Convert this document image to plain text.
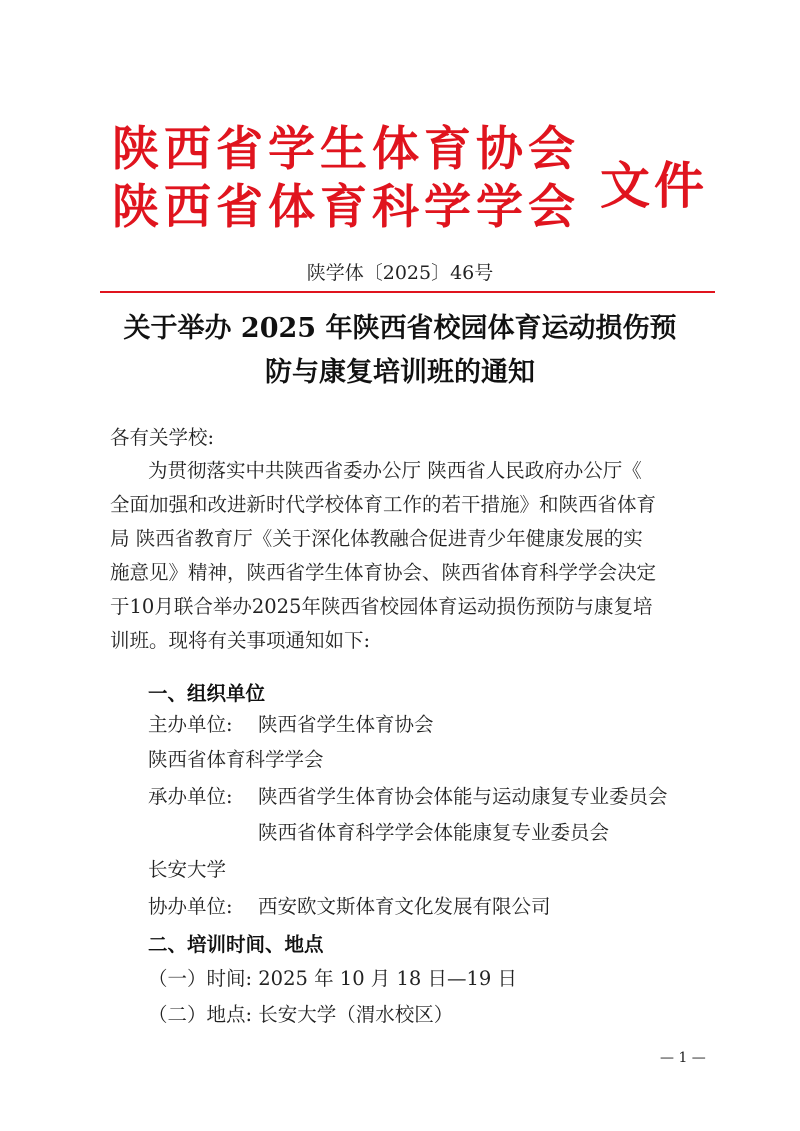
陕西省学生体育协会
陕西省体育科学学会 文件
陕学体〔2025〕46号
关于举办 2025 年陕西省校园体育运动损伤预
防与康复培训班的通知
各有关学校:
为贯彻落实中共陕西省委办公厅 陕西省人民政府办公厅《
全面加强和改进新时代学校体育工作的若干措施》和陕西省体育
局 陕西省教育厅《关于深化体教融合促进青少年健康发展的实
施意见》精神，陕西省学生体育协会、陕西省体育科学学会决定
于10月联合举办2025年陕西省校园体育运动损伤预防与康复培
训班。现将有关事项通知如下:
一、组织单位
主办单位: 陕西省学生体育协会
陕西省体育科学学会
承办单位: 陕西省学生体育协会体能与运动康复专业委员会
陕西省体育科学学会体能康复专业委员会
长安大学
协办单位: 西安欧文斯体育文化发展有限公司
二、培训时间、地点
（一）时间: 2025 年 10 月 18 日—19 日
（二）地点: 长安大学（渭水校区）
— 1 —
